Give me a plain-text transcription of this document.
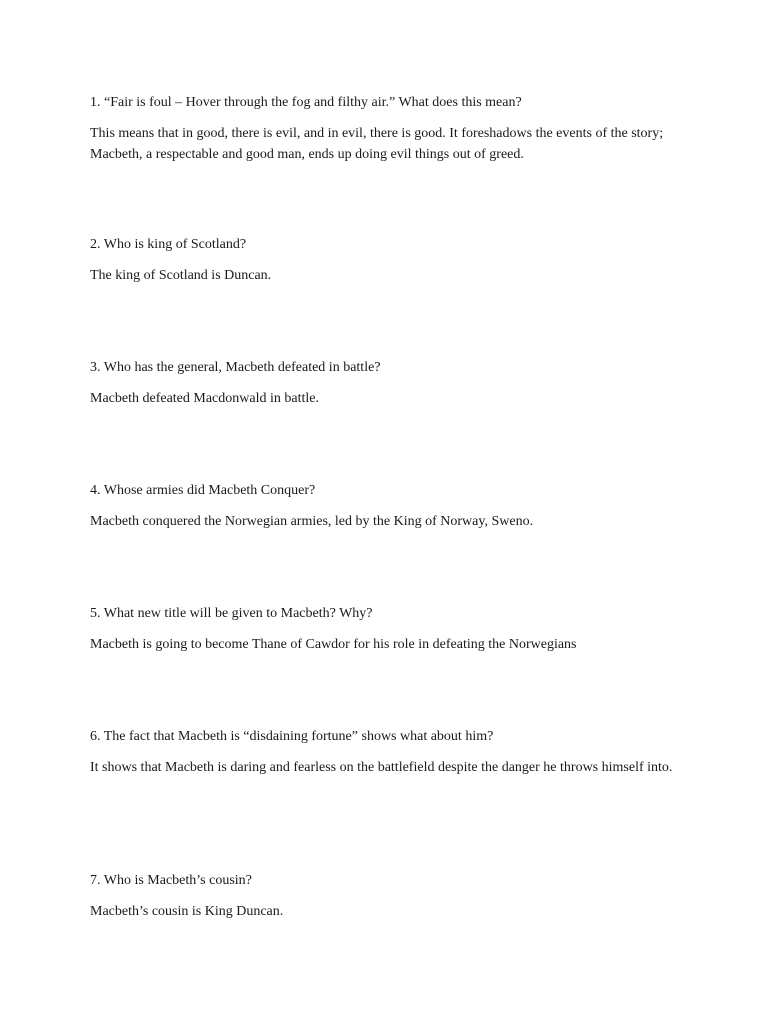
1. “Fair is foul – Hover through the fog and filthy air.” What does this mean?

This means that in good, there is evil, and in evil, there is good. It foreshadows the events of the story; Macbeth, a respectable and good man, ends up doing evil things out of greed.

2. Who is king of Scotland?

The king of Scotland is Duncan.

3. Who has the general, Macbeth defeated in battle?

Macbeth defeated Macdonwald in battle.

4. Whose armies did Macbeth Conquer?

Macbeth conquered the Norwegian armies, led by the King of Norway, Sweno.

5. What new title will be given to Macbeth? Why?

Macbeth is going to become Thane of Cawdor for his role in defeating the Norwegians

6. The fact that Macbeth is “disdaining fortune” shows what about him?

It shows that Macbeth is daring and fearless on the battlefield despite the danger he throws himself into.

7. Who is Macbeth’s cousin?

Macbeth’s cousin is King Duncan.
